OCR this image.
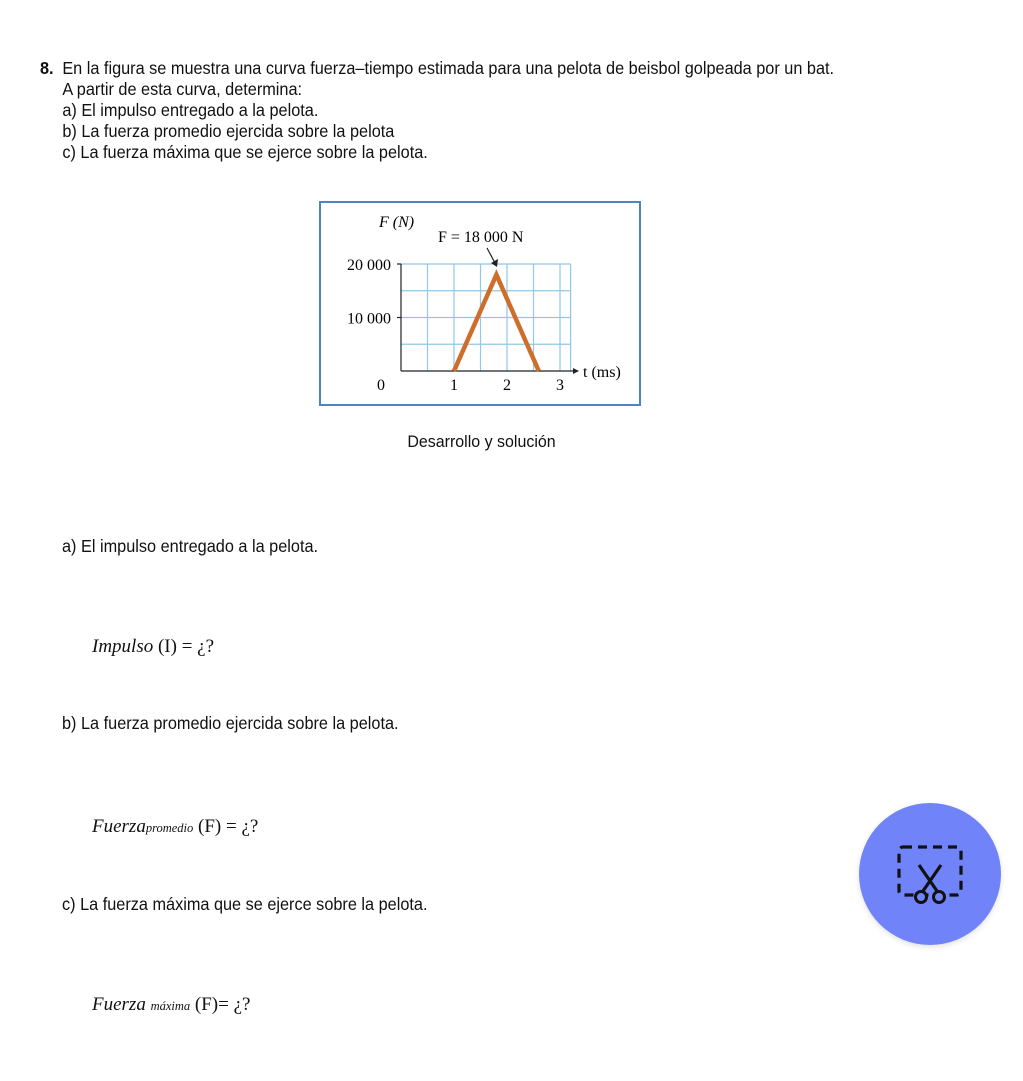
8. En la figura se muestra una curva fuerza–tiempo estimada para una pelota de beisbol golpeada por un bat.
A partir de esta curva, determina:
a) El impulso entregado a la pelota.
b) La fuerza promedio ejercida sobre la pelota
c) La fuerza máxima que se ejerce sobre la pelota.
F (N)
F = 18 000 N
t (ms)
20 000
10 000
0	1	2	3
Desarrollo y solución
a) El impulso entregado a la pelota.
Impulso (I) = ¿?
b) La fuerza promedio ejercida sobre la pelota.
Fuerzapromedio (F) = ¿?
c) La fuerza máxima que se ejerce sobre la pelota.
Fuerza máxima (F)= ¿?
